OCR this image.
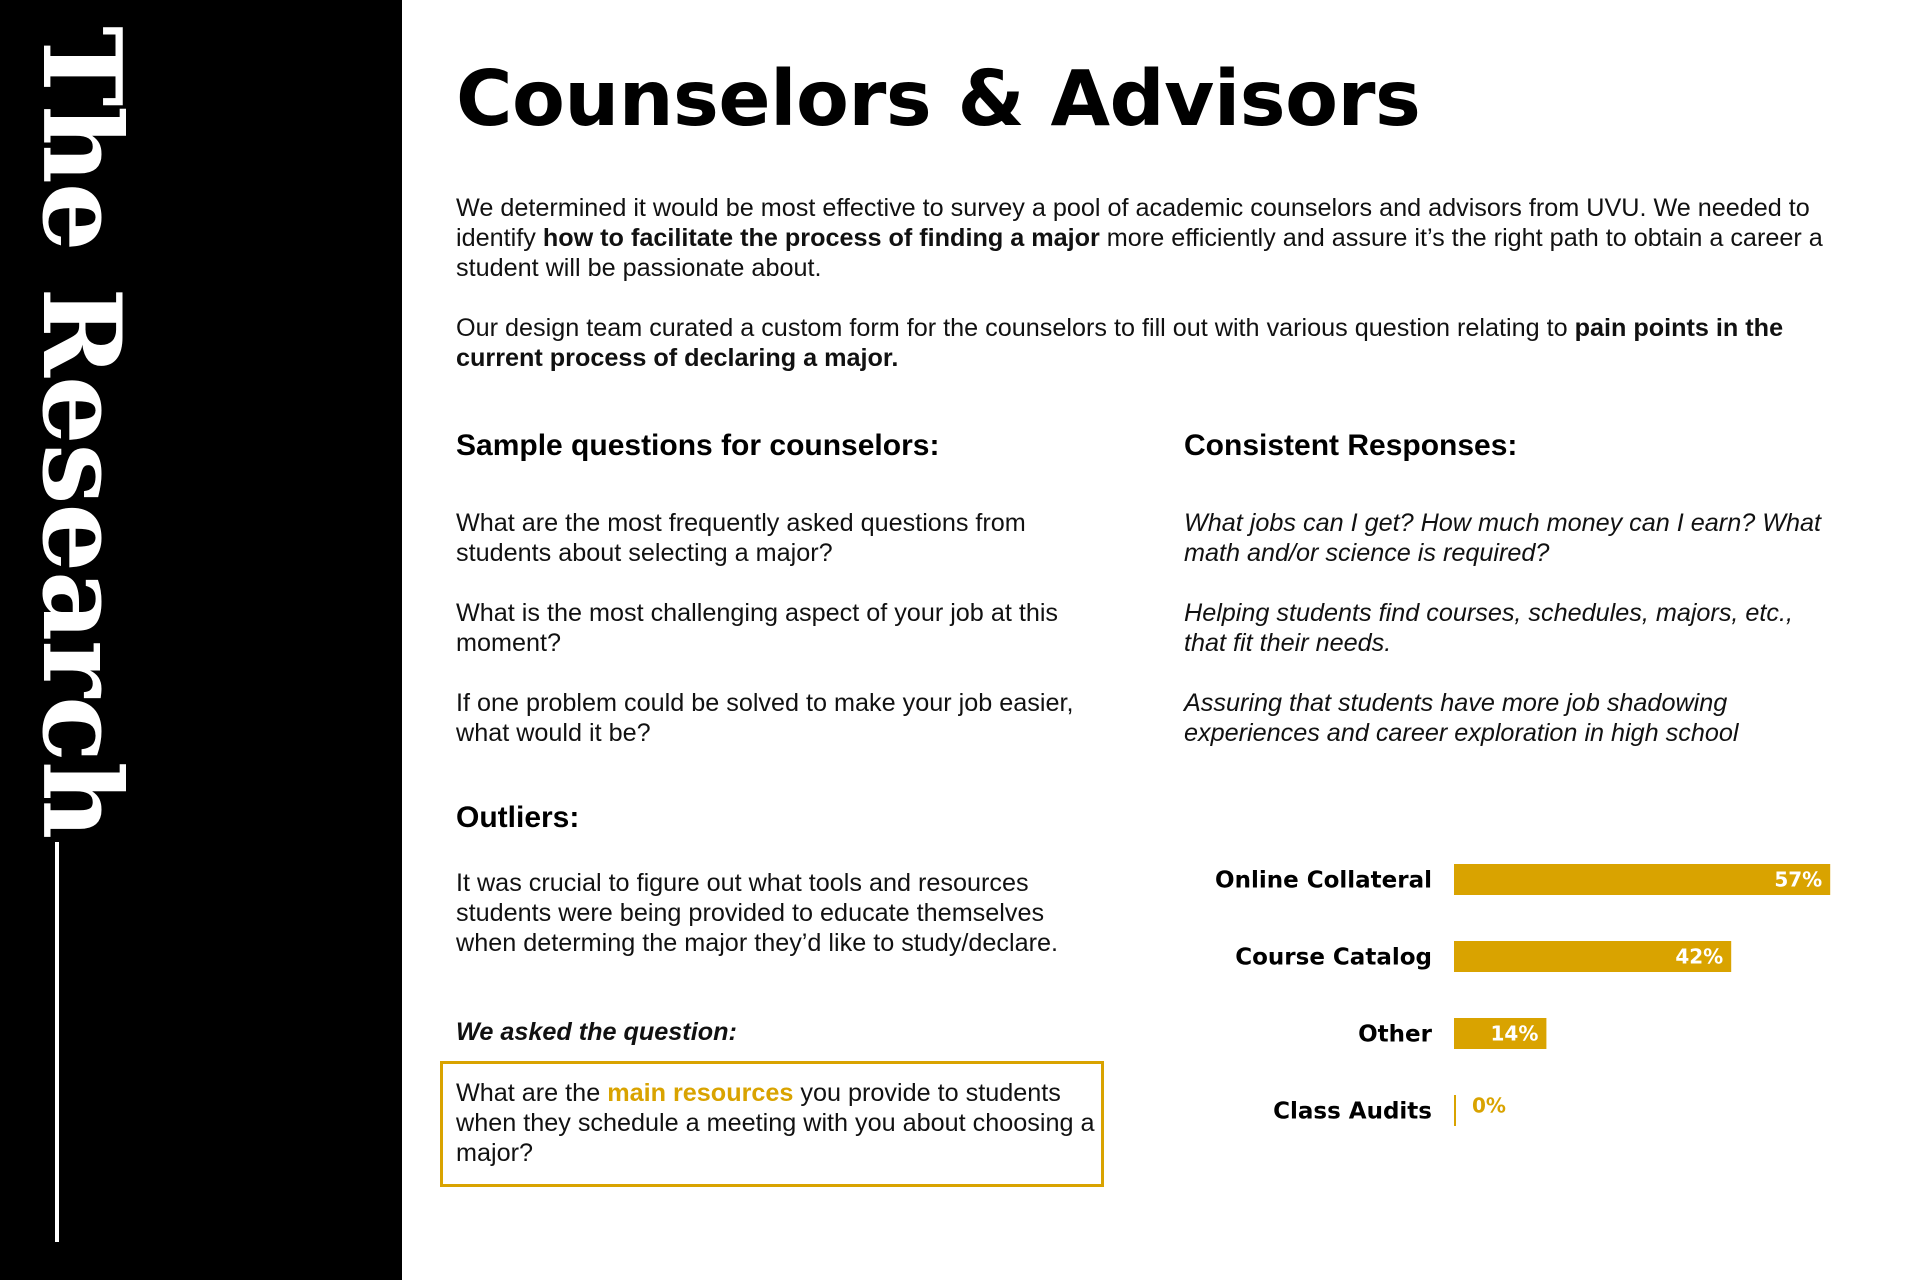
The Research	Counselors & Advisors

We determined it would be most effective to survey a pool of academic counselors and advisors from UVU. We needed to identify how to facilitate the process of finding a major more efficiently and assure it’s the right path to obtain a career a student will be passionate about.

Our design team curated a custom form for the counselors to fill out with various question relating to pain points in the current process of declaring a major.

Sample questions for counselors:

What are the most frequently asked questions from students about selecting a major?

What is the most challenging aspect of your job at this moment?

If one problem could be solved to make your job easier, what would it be?

Consistent Responses:

What jobs can I get? How much money can I earn? What math and/or science is required?

Helping students find courses, schedules, majors, etc., that fit their needs.

Assuring that students have more job shadowing experiences and career exploration in high school

Outliers:

It was crucial to figure out what tools and resources students were being provided to educate themselves when determing the major they’d like to study/declare.

We asked the question:

What are the main resources you provide to students when they schedule a meeting with you about choosing a major?

Online Collateral	57%
Course Catalog	42%
Other	14%
Class Audits 0%
